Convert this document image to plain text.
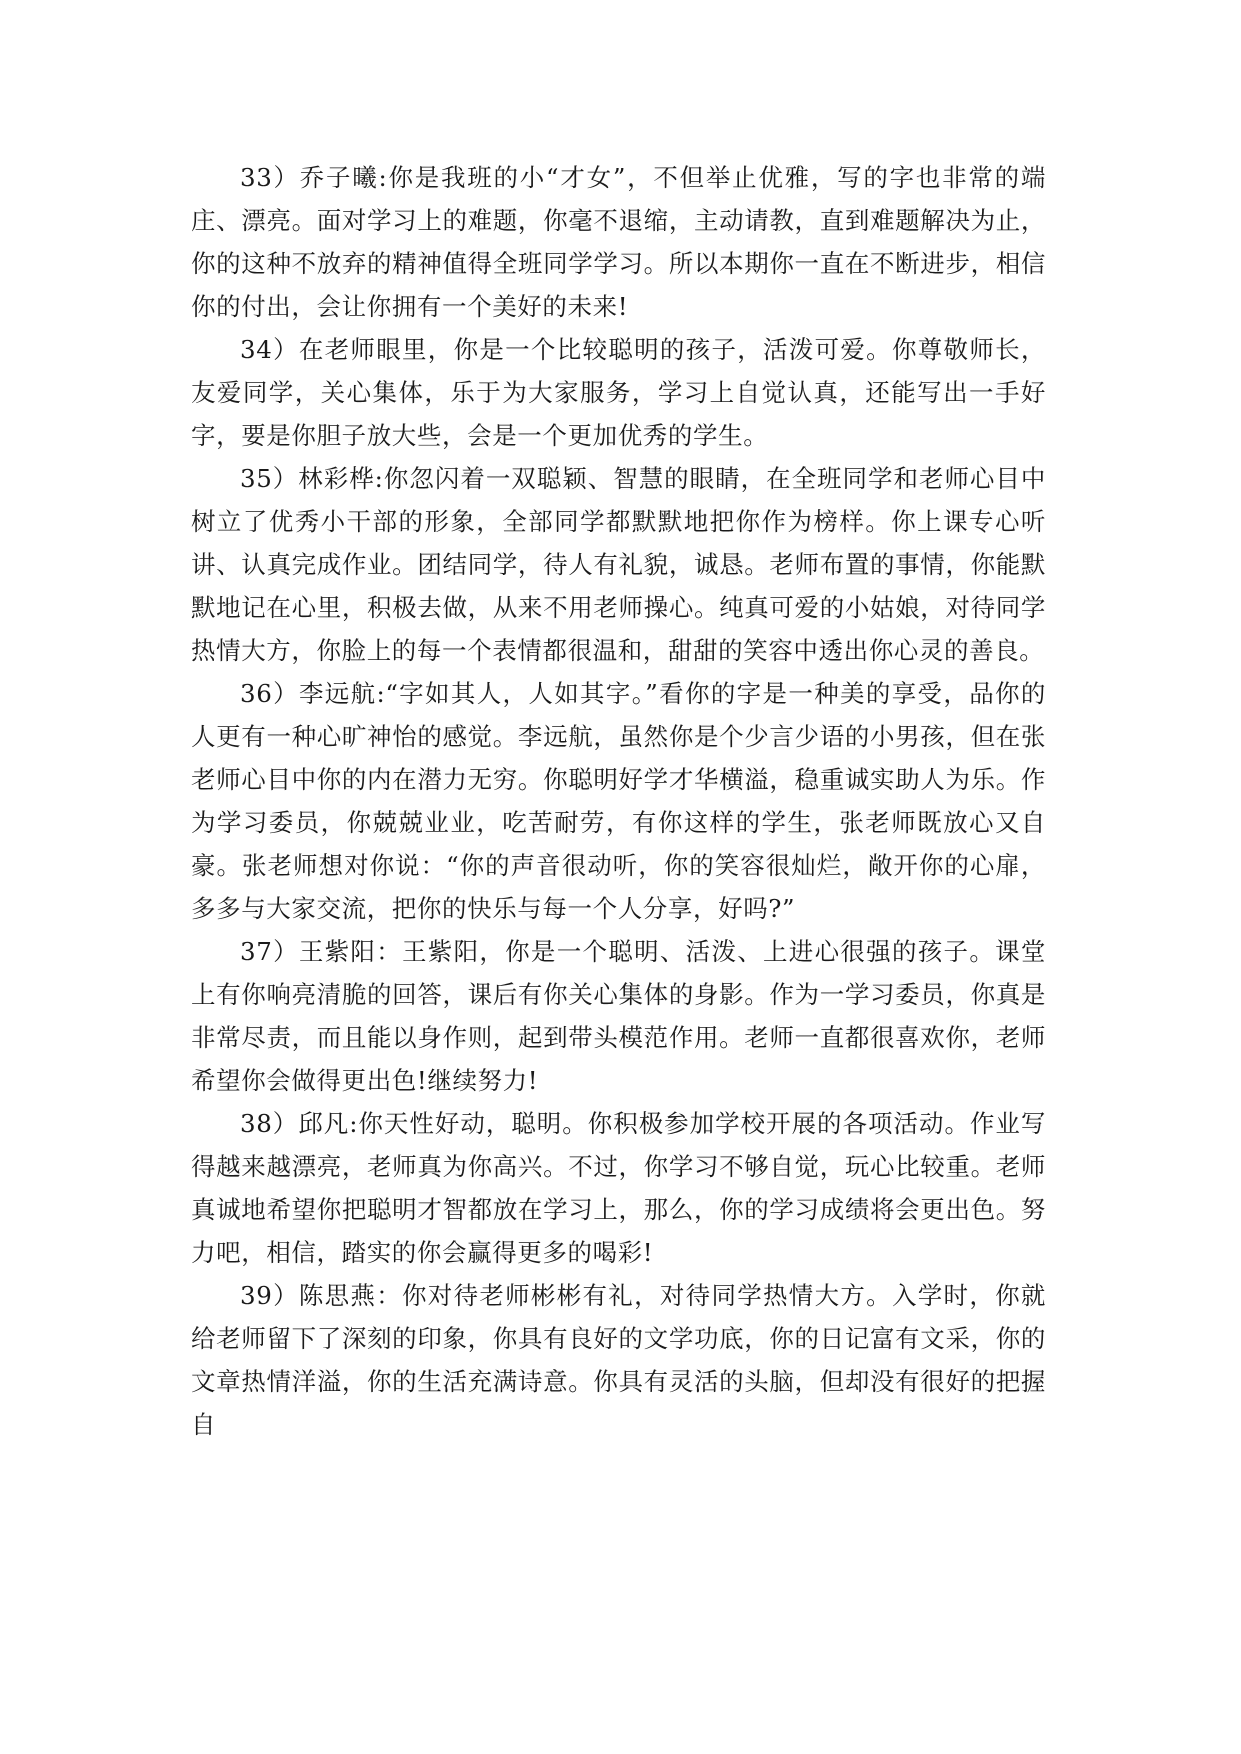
33）乔子曦:你是我班的小“才女”，不但举止优雅，写的字也非常的端庄、漂亮。面对学习上的难题，你毫不退缩，主动请教，直到难题解决为止，你的这种不放弃的精神值得全班同学学习。所以本期你一直在不断进步，相信你的付出，会让你拥有一个美好的未来!

34）在老师眼里，你是一个比较聪明的孩子，活泼可爱。你尊敬师长，友爱同学，关心集体，乐于为大家服务，学习上自觉认真，还能写出一手好字，要是你胆子放大些，会是一个更加优秀的学生。

35）林彩桦:你忽闪着一双聪颖、智慧的眼睛，在全班同学和老师心目中树立了优秀小干部的形象，全部同学都默默地把你作为榜样。你上课专心听讲、认真完成作业。团结同学，待人有礼貌，诚恳。老师布置的事情，你能默默地记在心里，积极去做，从来不用老师操心。纯真可爱的小姑娘，对待同学热情大方，你脸上的每一个表情都很温和，甜甜的笑容中透出你心灵的善良。

36）李远航:“字如其人，人如其字。”看你的字是一种美的享受，品你的人更有一种心旷神怡的感觉。李远航，虽然你是个少言少语的小男孩，但在张老师心目中你的内在潜力无穷。你聪明好学才华横溢，稳重诚实助人为乐。作为学习委员，你兢兢业业，吃苦耐劳，有你这样的学生，张老师既放心又自豪。张老师想对你说：“你的声音很动听，你的笑容很灿烂，敞开你的心扉，多多与大家交流，把你的快乐与每一个人分享，好吗?”

37）王紫阳：王紫阳，你是一个聪明、活泼、上进心很强的孩子。课堂上有你响亮清脆的回答，课后有你关心集体的身影。作为一学习委员，你真是非常尽责，而且能以身作则，起到带头模范作用。老师一直都很喜欢你，老师希望你会做得更出色!继续努力!

38）邱凡:你天性好动，聪明。你积极参加学校开展的各项活动。作业写得越来越漂亮，老师真为你高兴。不过，你学习不够自觉，玩心比较重。老师真诚地希望你把聪明才智都放在学习上，那么，你的学习成绩将会更出色。努力吧，相信，踏实的你会赢得更多的喝彩!

39）陈思燕：你对待老师彬彬有礼，对待同学热情大方。入学时，你就给老师留下了深刻的印象，你具有良好的文学功底，你的日记富有文采，你的文章热情洋溢，你的生活充满诗意。你具有灵活的头脑，但却没有很好的把握自
